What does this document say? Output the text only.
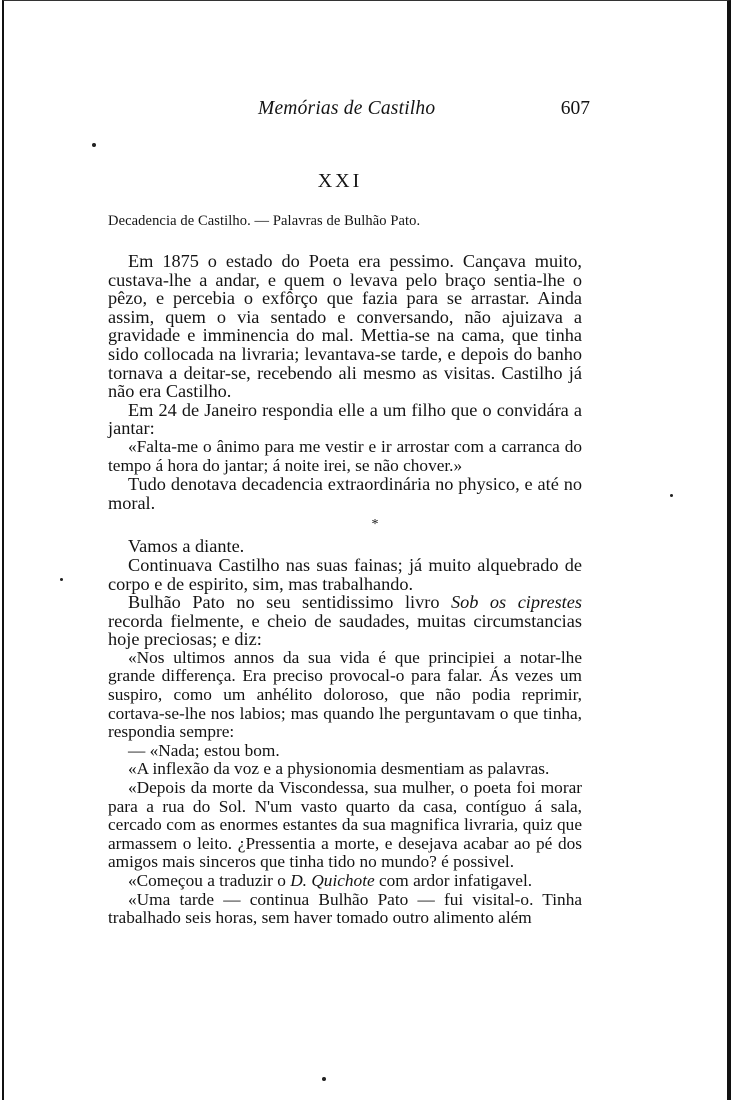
Memórias de Castilho	607
XXI
Decadencia de Castilho. — Palavras de Bulhão Pato.

Em 1875 o estado do Poeta era pessimo. Cançava muito, custava-lhe a andar, e quem o levava pelo braço sentia-lhe o pêzo, e percebia o exfôrço que fazia para se arrastar. Ainda assim, quem o via sentado e conversando, não ajuizava a gravidade e imminencia do mal. Mettia-se na cama, que tinha sido collocada na livraria; levantava-se tarde, e depois do banho tornava a deitar-se, recebendo ali mesmo as visitas. Castilho já não era Castilho.

Em 24 de Janeiro respondia elle a um filho que o convidára a jantar:

«Falta-me o ânimo para me vestir e ir arrostar com a carranca do tempo á hora do jantar; á noite irei, se não chover.»

Tudo denotava decadencia extraordinária no physico, e até no moral.

*

Vamos a diante.

Continuava Castilho nas suas fainas; já muito alquebrado de corpo e de espirito, sim, mas trabalhando.

Bulhão Pato no seu sentidissimo livro Sob os ciprestes recorda fielmente, e cheio de saudades, muitas circumstancias hoje preciosas; e diz:

«Nos ultimos annos da sua vida é que principiei a notar-lhe grande differença. Era preciso provocal-o para falar. Ás vezes um suspiro, como um anhélito doloroso, que não podia reprimir, cortava-se-lhe nos labios; mas quando lhe perguntavam o que tinha, respondia sempre:

— «Nada; estou bom.

«A inflexão da voz e a physionomia desmentiam as palavras.

«Depois da morte da Viscondessa, sua mulher, o poeta foi morar para a rua do Sol. N'um vasto quarto da casa, contíguo á sala, cercado com as enormes estantes da sua magnifica livraria, quiz que armassem o leito. ¿Pressentia a morte, e desejava acabar ao pé dos amigos mais sinceros que tinha tido no mundo? é possivel.

«Começou a traduzir o D. Quichote com ardor infatigavel.

«Uma tarde — continua Bulhão Pato — fui visital-o. Tinha trabalhado seis horas, sem haver tomado outro alimento além
